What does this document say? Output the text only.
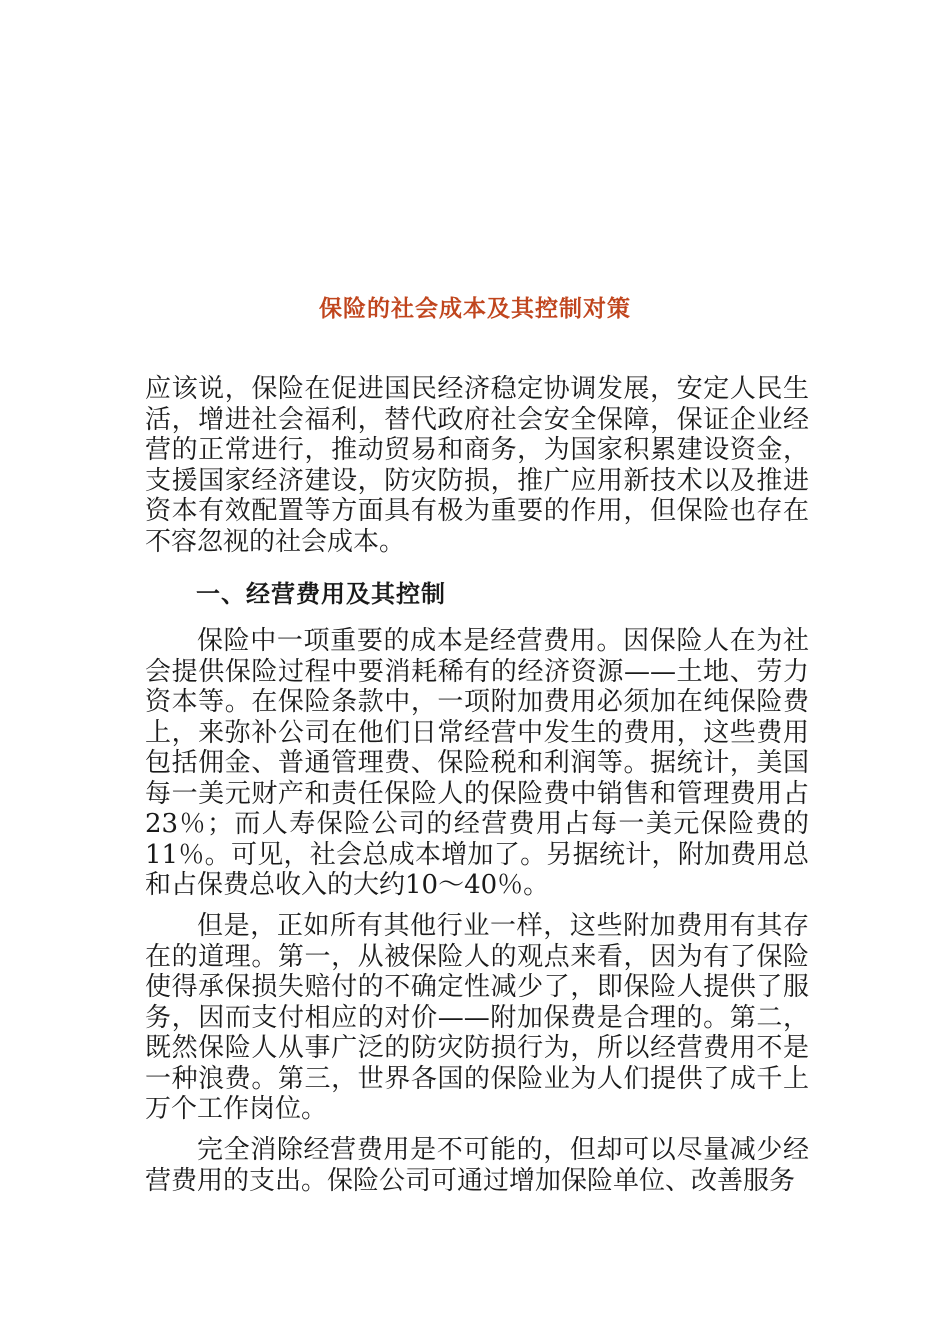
保险的社会成本及其控制对策
应该说，保险在促进国民经济稳定协调发展，安定人民生活，增进社会福利，替代政府社会安全保障，保证企业经营的正常进行，推动贸易和商务，为国家积累建设资金，支援国家经济建设，防灾防损，推广应用新技术以及推进资本有效配置等方面具有极为重要的作用，但保险也存在不容忽视的社会成本。
一、经营费用及其控制
保险中一项重要的成本是经营费用。因保险人在为社会提供保险过程中要消耗稀有的经济资源——土地、劳力资本等。在保险条款中，一项附加费用必须加在纯保险费上，来弥补公司在他们日常经营中发生的费用，这些费用包括佣金、普通管理费、保险税和利润等。据统计，美国每一美元财产和责任保险人的保险费中销售和管理费用占23％；而人寿保险公司的经营费用占每一美元保险费的11％。可见，社会总成本增加了。另据统计，附加费用总和占保费总收入的大约10～40％。
但是，正如所有其他行业一样，这些附加费用有其存在的道理。第一，从被保险人的观点来看，因为有了保险使得承保损失赔付的不确定性减少了，即保险人提供了服务，因而支付相应的对价——附加保费是合理的。第二，既然保险人从事广泛的防灾防损行为，所以经营费用不是一种浪费。第三，世界各国的保险业为人们提供了成千上万个工作岗位。
完全消除经营费用是不可能的，但却可以尽量减少经营费用的支出。保险公司可通过增加保险单位、改善服务
